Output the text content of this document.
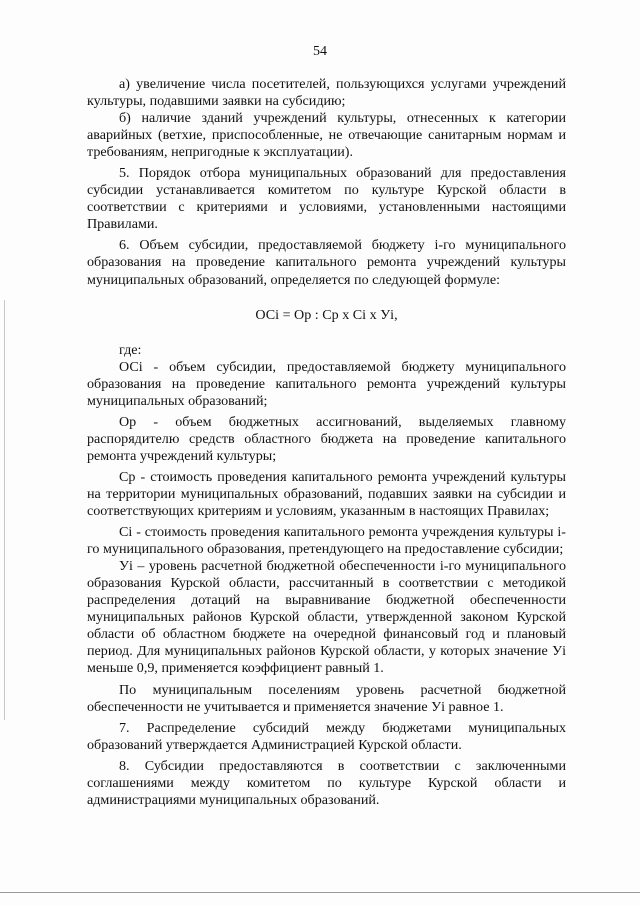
54

а) увеличение числа посетителей, пользующихся услугами учреждений культуры, подавшими заявки на субсидию;

б) наличие зданий учреждений культуры, отнесенных к категории аварийных (ветхие, приспособленные, не отвечающие санитарным нормам и требованиям, непригодные к эксплуатации).

5. Порядок отбора муниципальных образований для предоставления субсидии устанавливается комитетом по культуре Курской области в соответствии с критериями и условиями, установленными настоящими Правилами.

6. Объем субсидии, предоставляемой бюджету i-го муниципального образования на проведение капитального ремонта учреждений культуры муниципальных образований, определяется по следующей формуле:

ОСi = Ор : Ср х Сi х Уi,

где:

ОСi - объем субсидии, предоставляемой бюджету муниципального образования на проведение капитального ремонта учреждений культуры муниципальных образований;

Ор - объем бюджетных ассигнований, выделяемых главному распорядителю средств областного бюджета на проведение капитального ремонта учреждений культуры;

Ср - стоимость проведения капитального ремонта учреждений культуры на территории муниципальных образований, подавших заявки на субсидии и соответствующих критериям и условиям, указанным в настоящих Правилах;

Сi - стоимость проведения капитального ремонта учреждения культуры i-го муниципального образования, претендующего на предоставление субсидии;

Уi – уровень расчетной бюджетной обеспеченности i-го муниципального образования Курской области, рассчитанный в соответствии с методикой распределения дотаций на выравнивание бюджетной обеспеченности муниципальных районов Курской области, утвержденной законом Курской области об областном бюджете на очередной финансовый год и плановый период. Для муниципальных районов Курской области, у которых значение Уi меньше 0,9, применяется коэффициент равный 1.

По муниципальным поселениям уровень расчетной бюджетной обеспеченности не учитывается и применяется значение Уi равное 1.

7. Распределение субсидий между бюджетами муниципальных образований утверждается Администрацией Курской области.

8. Субсидии предоставляются в соответствии с заключенными соглашениями между комитетом по культуре Курской области и администрациями муниципальных образований.
